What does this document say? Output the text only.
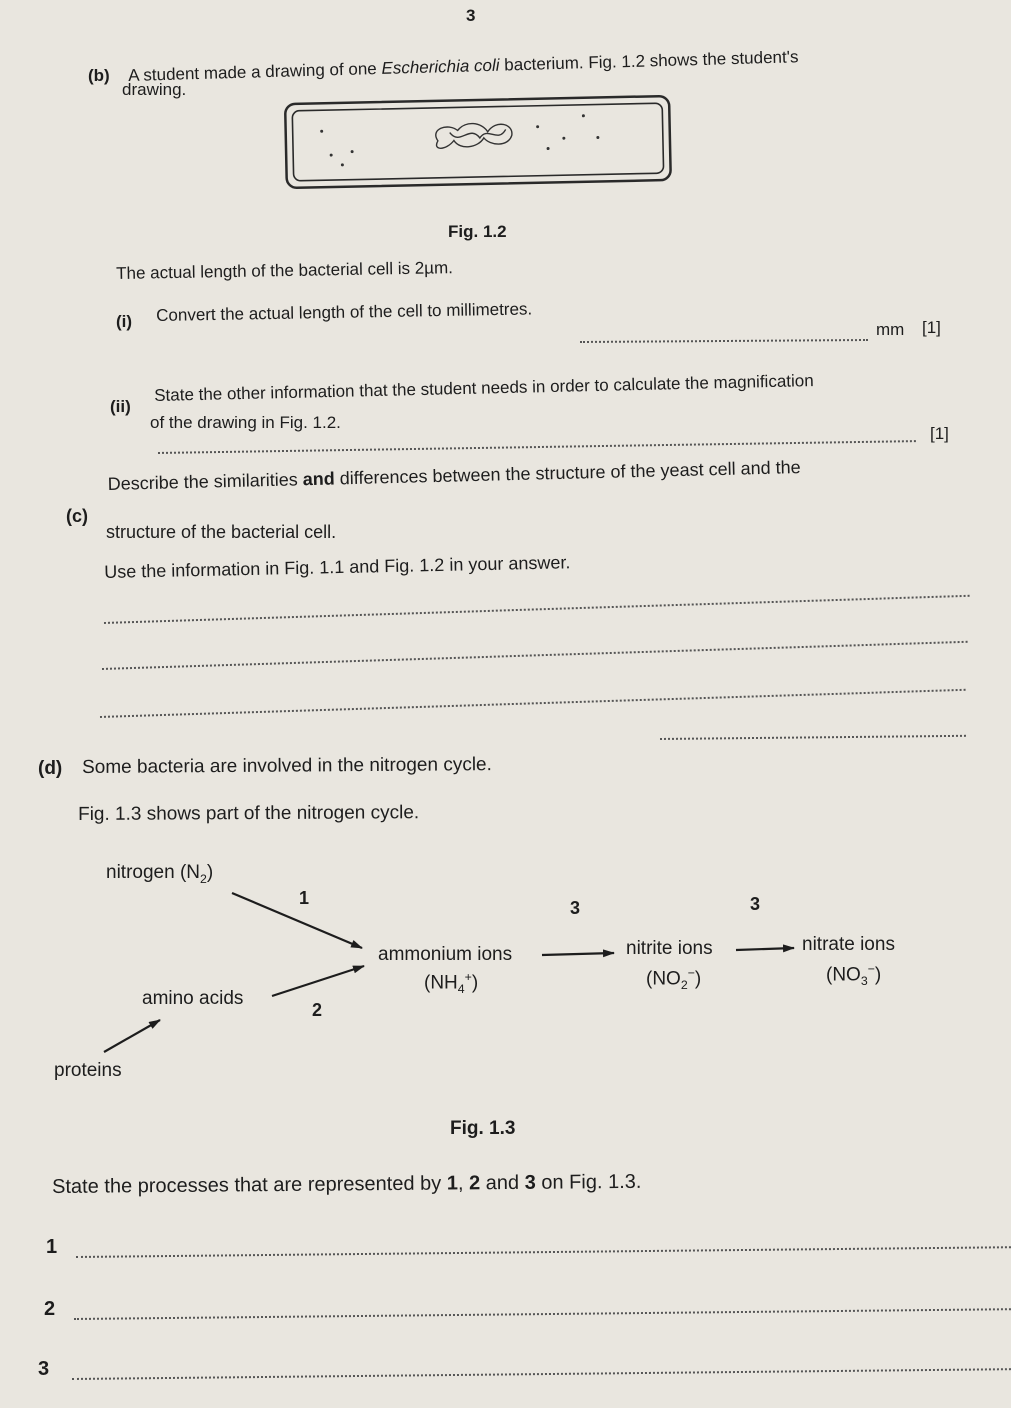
3
(b) A student made a drawing of one Escherichia coli bacterium. Fig. 1.2 shows the student's
drawing.
Fig. 1.2
The actual length of the bacterial cell is 2µm.
(i) Convert the actual length of the cell to millimetres.
mm [1]
(ii)
State the other information that the student needs in order to calculate the magnification
of the drawing in Fig. 1.2.
[1]
(c)
Describe the similarities and differences between the structure of the yeast cell and the
structure of the bacterial cell.
Use the information in Fig. 1.1 and Fig. 1.2 in your answer.
(d) Some bacteria are involved in the nitrogen cycle.
Fig. 1.3 shows part of the nitrogen cycle.
nitrogen $(N_2)$
1
ammonium ions
$(NH_4^+)$
3
nitrite ions
$(NO_2^-)$
3
nitrate ions
$(NO_3^-)$
amino acids
2
proteins
Fig. 1.3
State the processes that are represented by 1, 2 and 3 on Fig. 1.3.
1
2
3
